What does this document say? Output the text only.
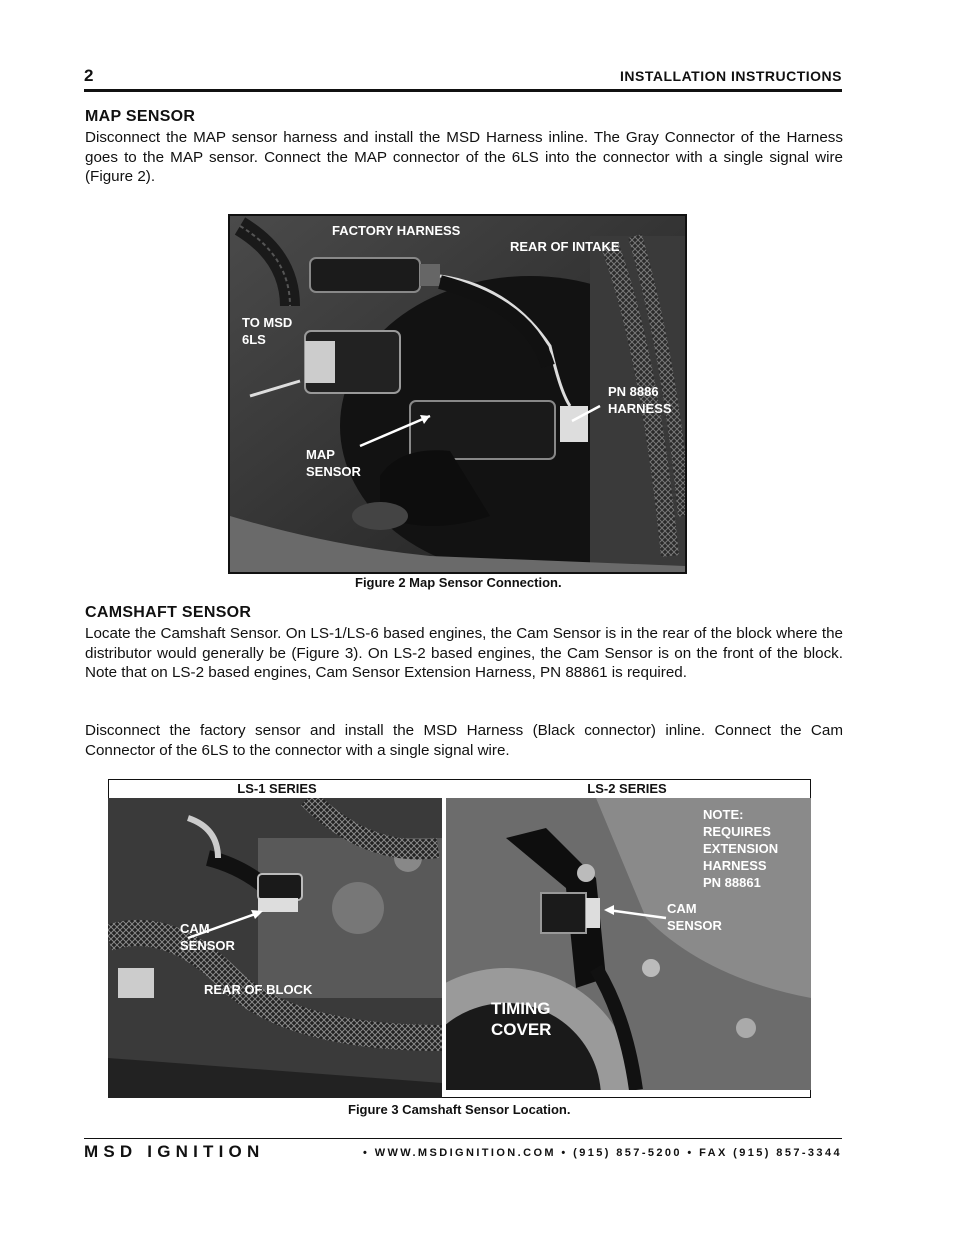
2	INSTALLATION INSTRUCTIONS
MAP SENSOR
Disconnect the MAP sensor harness and install the MSD Harness inline. The Gray Connector of the Harness goes to the MAP sensor. Connect the MAP connector of the 6LS into the connector with a single signal wire (Figure 2).
FACTORY HARNESS
REAR OF INTAKE
TO MSD
6LS
PN 8886
HARNESS
MAP
SENSOR
Figure 2 Map Sensor Connection.
CAMSHAFT SENSOR
Locate the Camshaft Sensor. On LS-1/LS-6 based engines, the Cam Sensor is in the rear of the block where the distributor would generally be (Figure 3). On LS-2 based engines, the Cam Sensor is on the front of the block. Note that on LS-2 based engines, Cam Sensor Extension Harness, PN 88861 is required.
Disconnect the factory sensor and install the MSD Harness (Black connector) inline. Connect the Cam Connector of the 6LS to the connector with a single signal wire.
LS-1 SERIES	LS-2 SERIES
CAM
SENSOR
REAR OF BLOCK
NOTE:
REQUIRES
EXTENSION
HARNESS
PN 88861
CAM
SENSOR
TIMING
COVER
Figure 3 Camshaft Sensor Location.
MSD IGNITION	• WWW.MSDIGNITION.COM • (915) 857-5200 • FAX (915) 857-3344
